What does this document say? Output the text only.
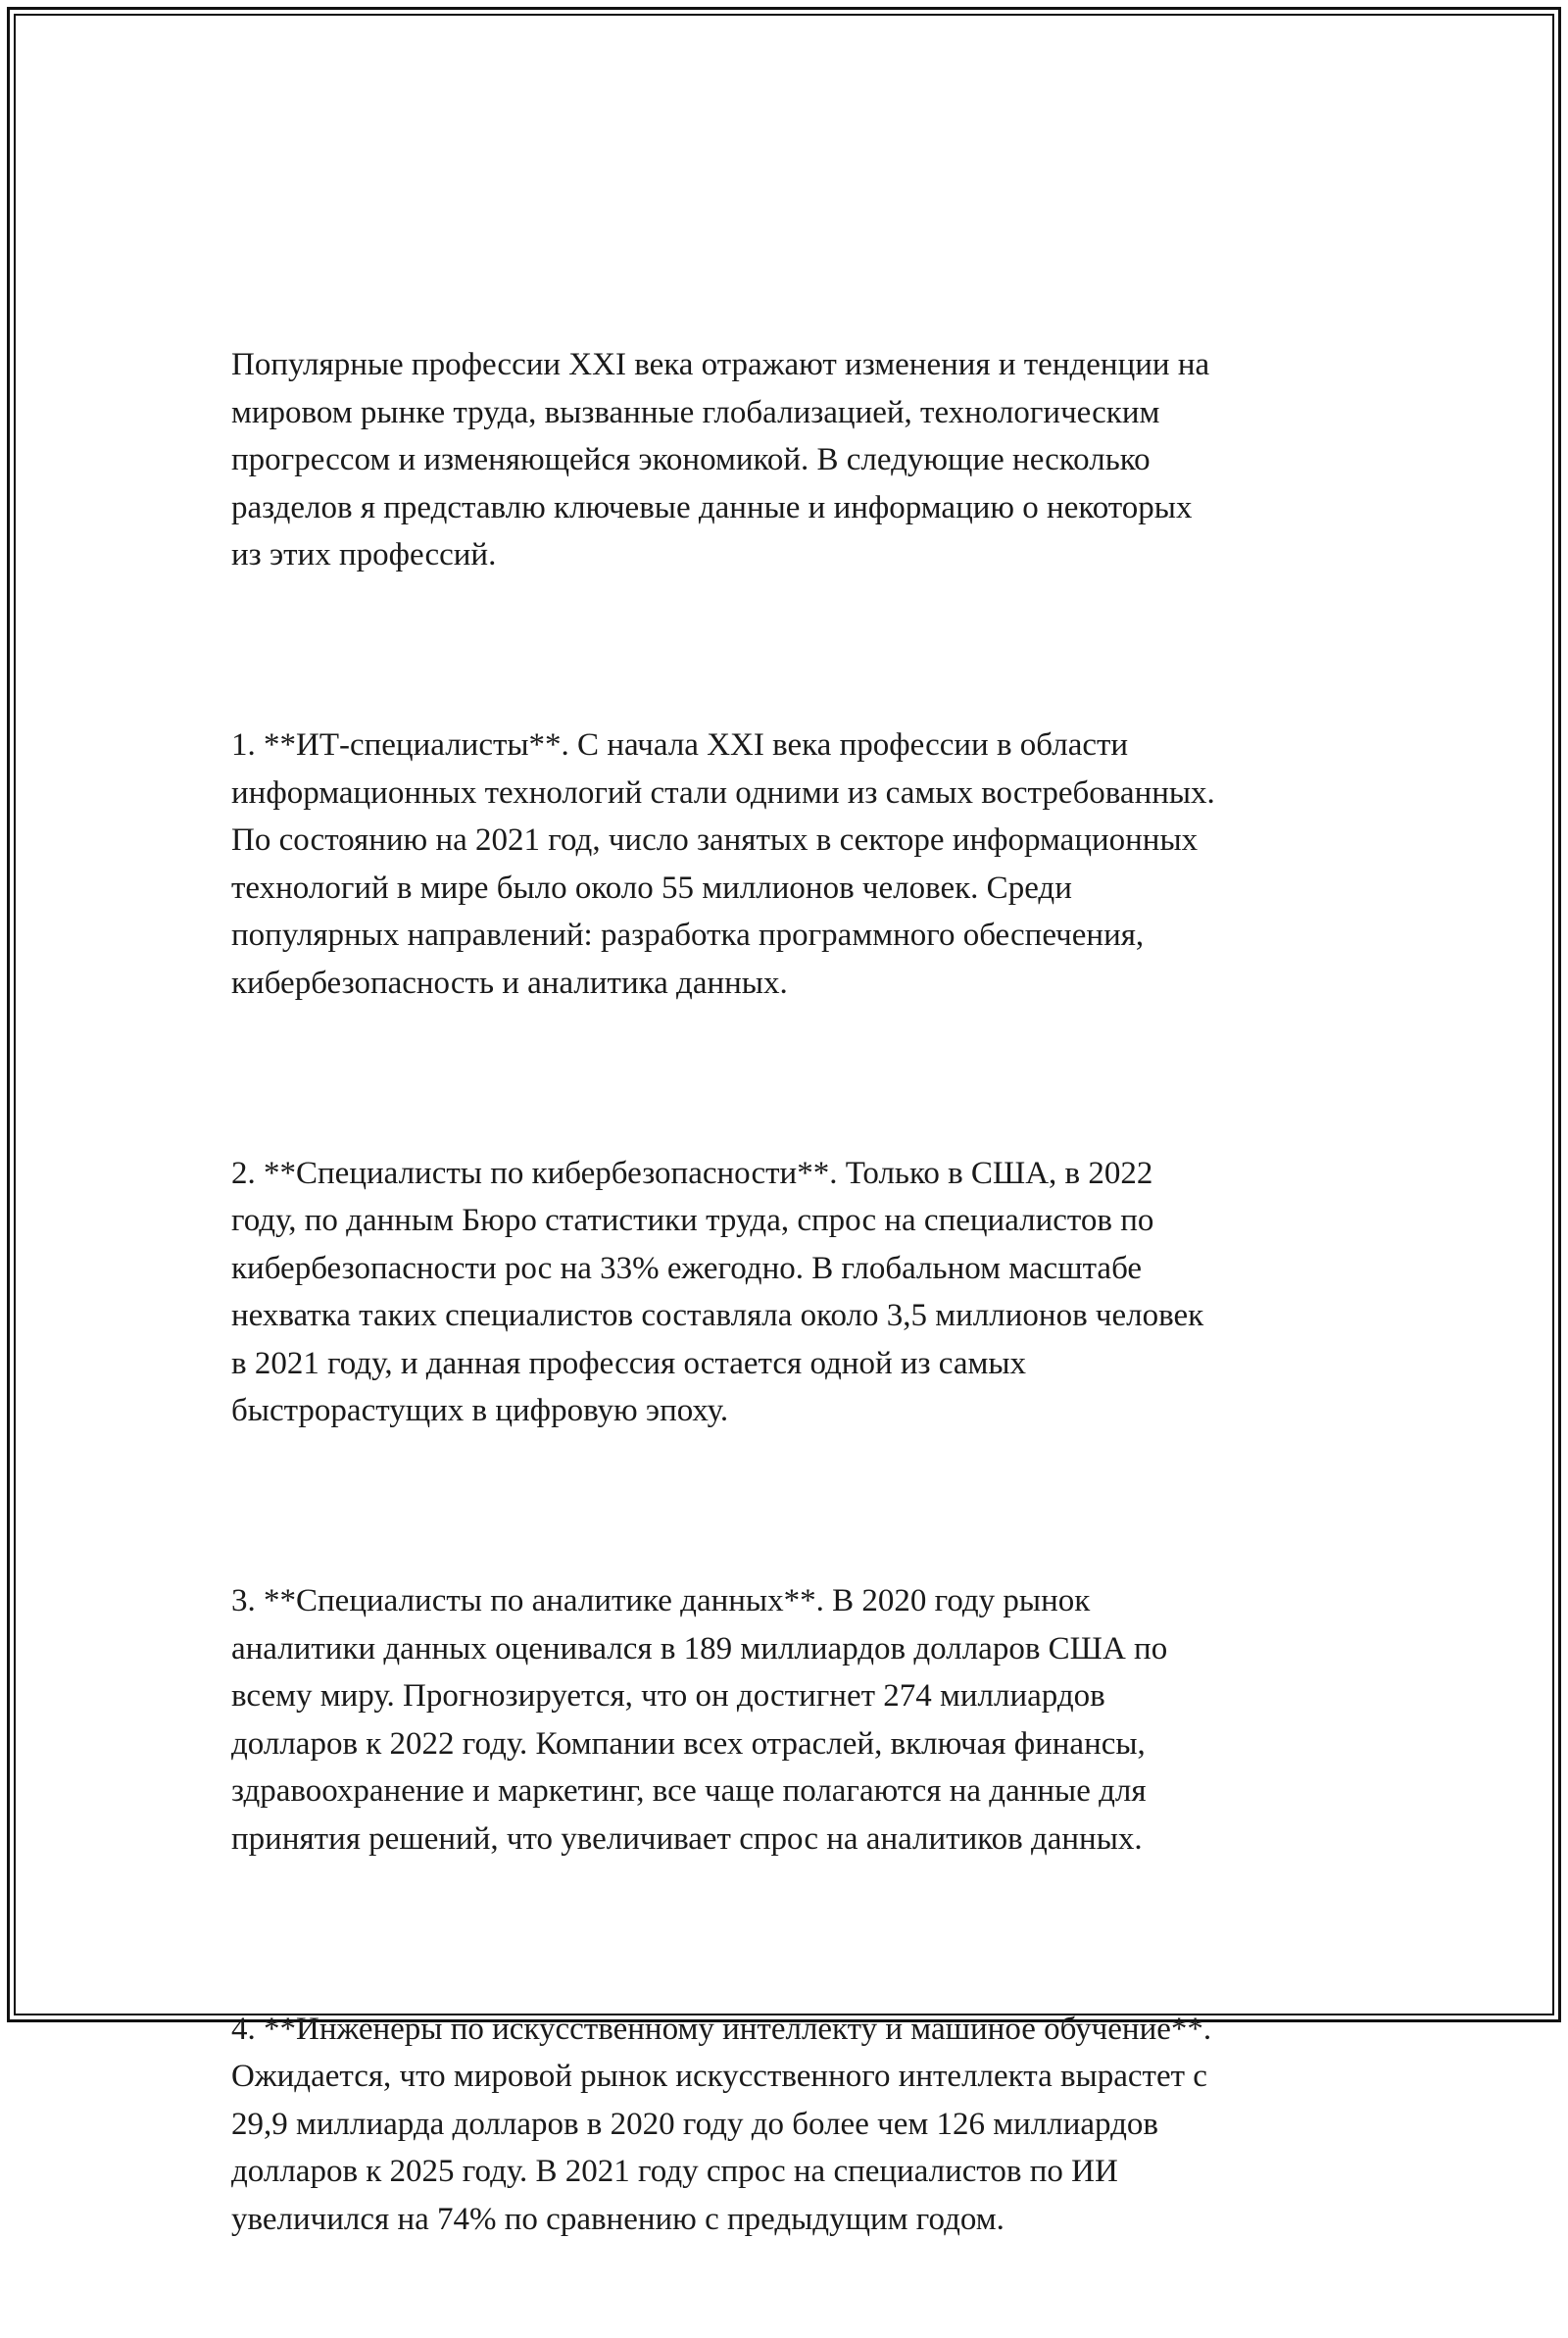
Популярные профессии XXI века отражают изменения и тенденции на
мировом рынке труда, вызванные глобализацией, технологическим
прогрессом и изменяющейся экономикой. В следующие несколько
разделов я представлю ключевые данные и информацию о некоторых
из этих профессий.

1. **ИТ-специалисты**. С начала XXI века профессии в области
информационных технологий стали одними из самых востребованных.
По состоянию на 2021 год, число занятых в секторе информационных
технологий в мире было около 55 миллионов человек. Среди
популярных направлений: разработка программного обеспечения,
кибербезопасность и аналитика данных.

2. **Специалисты по кибербезопасности**. Только в США, в 2022
году, по данным Бюро статистики труда, спрос на специалистов по
кибербезопасности рос на 33% ежегодно. В глобальном масштабе
нехватка таких специалистов составляла около 3,5 миллионов человек
в 2021 году, и данная профессия остается одной из самых
быстрорастущих в цифровую эпоху.

3. **Специалисты по аналитике данных**. В 2020 году рынок
аналитики данных оценивался в 189 миллиардов долларов США по
всему миру. Прогнозируется, что он достигнет 274 миллиардов
долларов к 2022 году. Компании всех отраслей, включая финансы,
здравоохранение и маркетинг, все чаще полагаются на данные для
принятия решений, что увеличивает спрос на аналитиков данных.

4. **Инженеры по искусственному интеллекту и машиное обучение**.
Ожидается, что мировой рынок искусственного интеллекта вырастет с
29,9 миллиарда долларов в 2020 году до более чем 126 миллиардов
долларов к 2025 году. В 2021 году спрос на специалистов по ИИ
увеличился на 74% по сравнению с предыдущим годом.
